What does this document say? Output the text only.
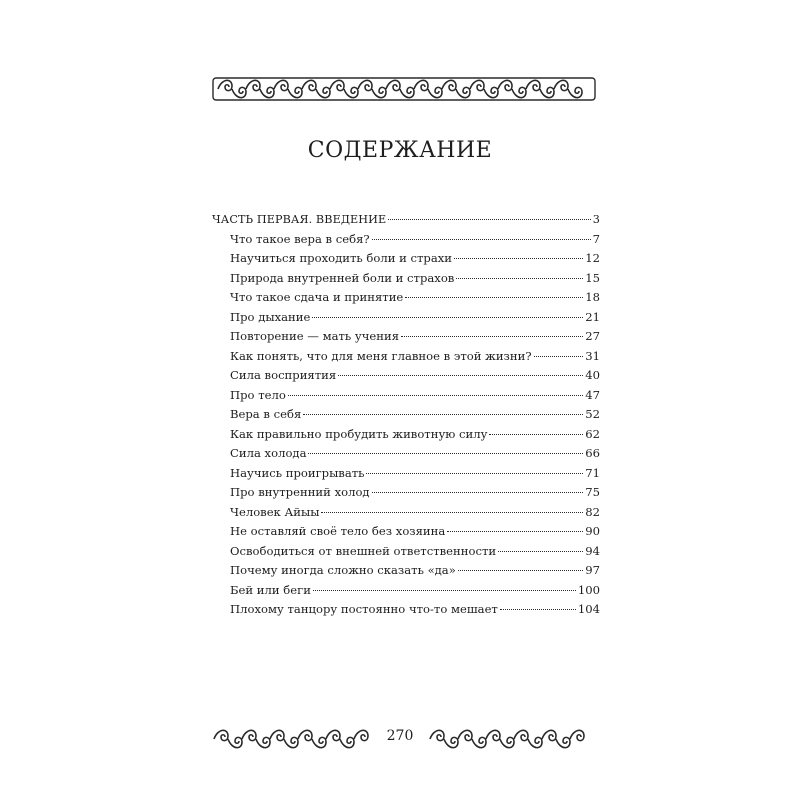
СОДЕРЖАНИЕ
ЧАСТЬ ПЕРВАЯ. ВВЕДЕНИЕ	3
Что такое вера в себя?	7
Научиться проходить боли и страхи	12
Природа внутренней боли и страхов	15
Что такое сдача и принятие	18
Про дыхание	21
Повторение — мать учения	27
Как понять, что для меня главное в этой жизни?	31
Сила восприятия	40
Про тело	47
Вера в себя	52
Как правильно пробудить животную силу	62
Сила холода	66
Научись проигрывать	71
Про внутренний холод	75
Человек Айыы	82
Не оставляй своё тело без хозяина	90
Освободиться от внешней ответственности	94
Почему иногда сложно сказать «да»	97
Бей или беги	100
Плохому танцору постоянно что-то мешает	104
270
